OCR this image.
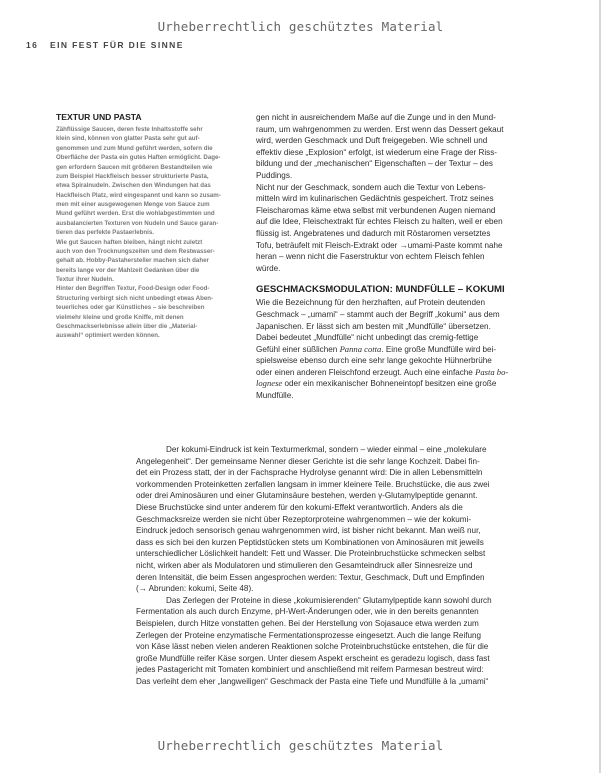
Urheberrechtlich geschütztes Material
16 EIN FEST FÜR DIE SINNE
TEXTUR UND PASTA

Zähflüssige Saucen, deren feste Inhaltsstoffe sehr

klein sind, können von glatter Pasta sehr gut auf-

genommen und zum Mund geführt werden, sofern die

Oberfläche der Pasta ein gutes Haften ermöglicht. Dage-

gen erfordern Saucen mit größeren Bestandteilen wie

zum Beispiel Hackfleisch besser strukturierte Pasta,

etwa Spiralnudeln. Zwischen den Windungen hat das

Hackfleisch Platz, wird eingespannt und kann so zusam-

men mit einer ausgewogenen Menge von Sauce zum

Mund geführt werden. Erst die wohlabgestimmten und

ausbalancierten Texturen von Nudeln und Sauce garan-

tieren das perfekte Pastaerlebnis.

Wie gut Saucen haften bleiben, hängt nicht zuletzt

auch von den Trocknungszeiten und dem Restwasser-

gehalt ab. Hobby-Pastahersteller machen sich daher

bereits lange vor der Mahlzeit Gedanken über die

Textur ihrer Nudeln.

Hinter den Begriffen Textur, Food-Design oder Food-

Structuring verbirgt sich nicht unbedingt etwas Aben-

teuerliches oder gar Künstliches – sie beschreiben

vielmehr kleine und große Kniffe, mit denen

Geschmackserlebnisse allein über die „Material-

auswahl“ optimiert werden können.

gen nicht in ausreichendem Maße auf die Zunge und in den Mund-

raum, um wahrgenommen zu werden. Erst wenn das Dessert gekaut

wird, werden Geschmack und Duft freigegeben. Wie schnell und

effektiv diese „Explosion“ erfolgt, ist wiederum eine Frage der Riss-

bildung und der „mechanischen“ Eigenschaften – der Textur – des

Puddings.

Nicht nur der Geschmack, sondern auch die Textur von Lebens-

mitteln wird im kulinarischen Gedächtnis gespeichert. Trotz seines

Fleischaromas käme etwa selbst mit verbundenen Augen niemand

auf die Idee, Fleischextrakt für echtes Fleisch zu halten, weil er eben

flüssig ist. Angebratenes und dadurch mit Röstaromen versetztes

Tofu, beträufelt mit Fleisch-Extrakt oder →umami-Paste kommt nahe

heran – wenn nicht die Faserstruktur von echtem Fleisch fehlen

würde.

GESCHMACKSMODULATION: MUNDFÜLLE – KOKUMI

Wie die Bezeichnung für den herzhaften, auf Protein deutenden

Geschmack – „umami“ – stammt auch der Begriff „kokumi“ aus dem

Japanischen. Er lässt sich am besten mit „Mundfülle“ übersetzen.

Dabei bedeutet „Mundfülle“ nicht unbedingt das cremig-fettige

Gefühl einer süßlichen Panna cotta. Eine große Mundfülle wird bei-

spielsweise ebenso durch eine sehr lange gekochte Hühnerbrühe

oder einen anderen Fleischfond erzeugt. Auch eine einfache Pasta bo-

lognese oder ein mexikanischer Bohneneintopf besitzen eine große

Mundfülle.

Der kokumi-Eindruck ist kein Texturmerkmal, sondern – wieder einmal – eine „molekulare

Angelegenheit“. Der gemeinsame Nenner dieser Gerichte ist die sehr lange Kochzeit. Dabei fin-

det ein Prozess statt, der in der Fachsprache Hydrolyse genannt wird: Die in allen Lebensmitteln

vorkommenden Proteinketten zerfallen langsam in immer kleinere Teile. Bruchstücke, die aus zwei

oder drei Aminosäuren und einer Glutaminsäure bestehen, werden γ-Glutamylpeptide genannt.

Diese Bruchstücke sind unter anderem für den kokumi-Effekt verantwortlich. Anders als die

Geschmacksreize werden sie nicht über Rezeptorproteine wahrgenommen – wie der kokumi-

Eindruck jedoch sensorisch genau wahrgenommen wird, ist bisher nicht bekannt. Man weiß nur,

dass es sich bei den kurzen Peptidstücken stets um Kombinationen von Aminosäuren mit jeweils

unterschiedlicher Löslichkeit handelt: Fett und Wasser. Die Proteinbruchstücke schmecken selbst

nicht, wirken aber als Modulatoren und stimulieren den Gesamteindruck aller Sinnesreize und

deren Intensität, die beim Essen angesprochen werden: Textur, Geschmack, Duft und Empfinden

(→ Abrunden: kokumi, Seite 48).

Das Zerlegen der Proteine in diese „kokumisierenden“ Glutamylpeptide kann sowohl durch

Fermentation als auch durch Enzyme, pH-Wert-Änderungen oder, wie in den bereits genannten

Beispielen, durch Hitze vonstatten gehen. Bei der Herstellung von Sojasauce etwa werden zum

Zerlegen der Proteine enzymatische Fermentationsprozesse eingesetzt. Auch die lange Reifung

von Käse lässt neben vielen anderen Reaktionen solche Proteinbruchstücke entstehen, die für die

große Mundfülle reifer Käse sorgen. Unter diesem Aspekt erscheint es geradezu logisch, dass fast

jedes Pastagericht mit Tomaten kombiniert und anschließend mit reifem Parmesan bestreut wird:

Das verleiht dem eher „langweiligen“ Geschmack der Pasta eine Tiefe und Mundfülle à la „umami“

Urheberrechtlich geschütztes Material
